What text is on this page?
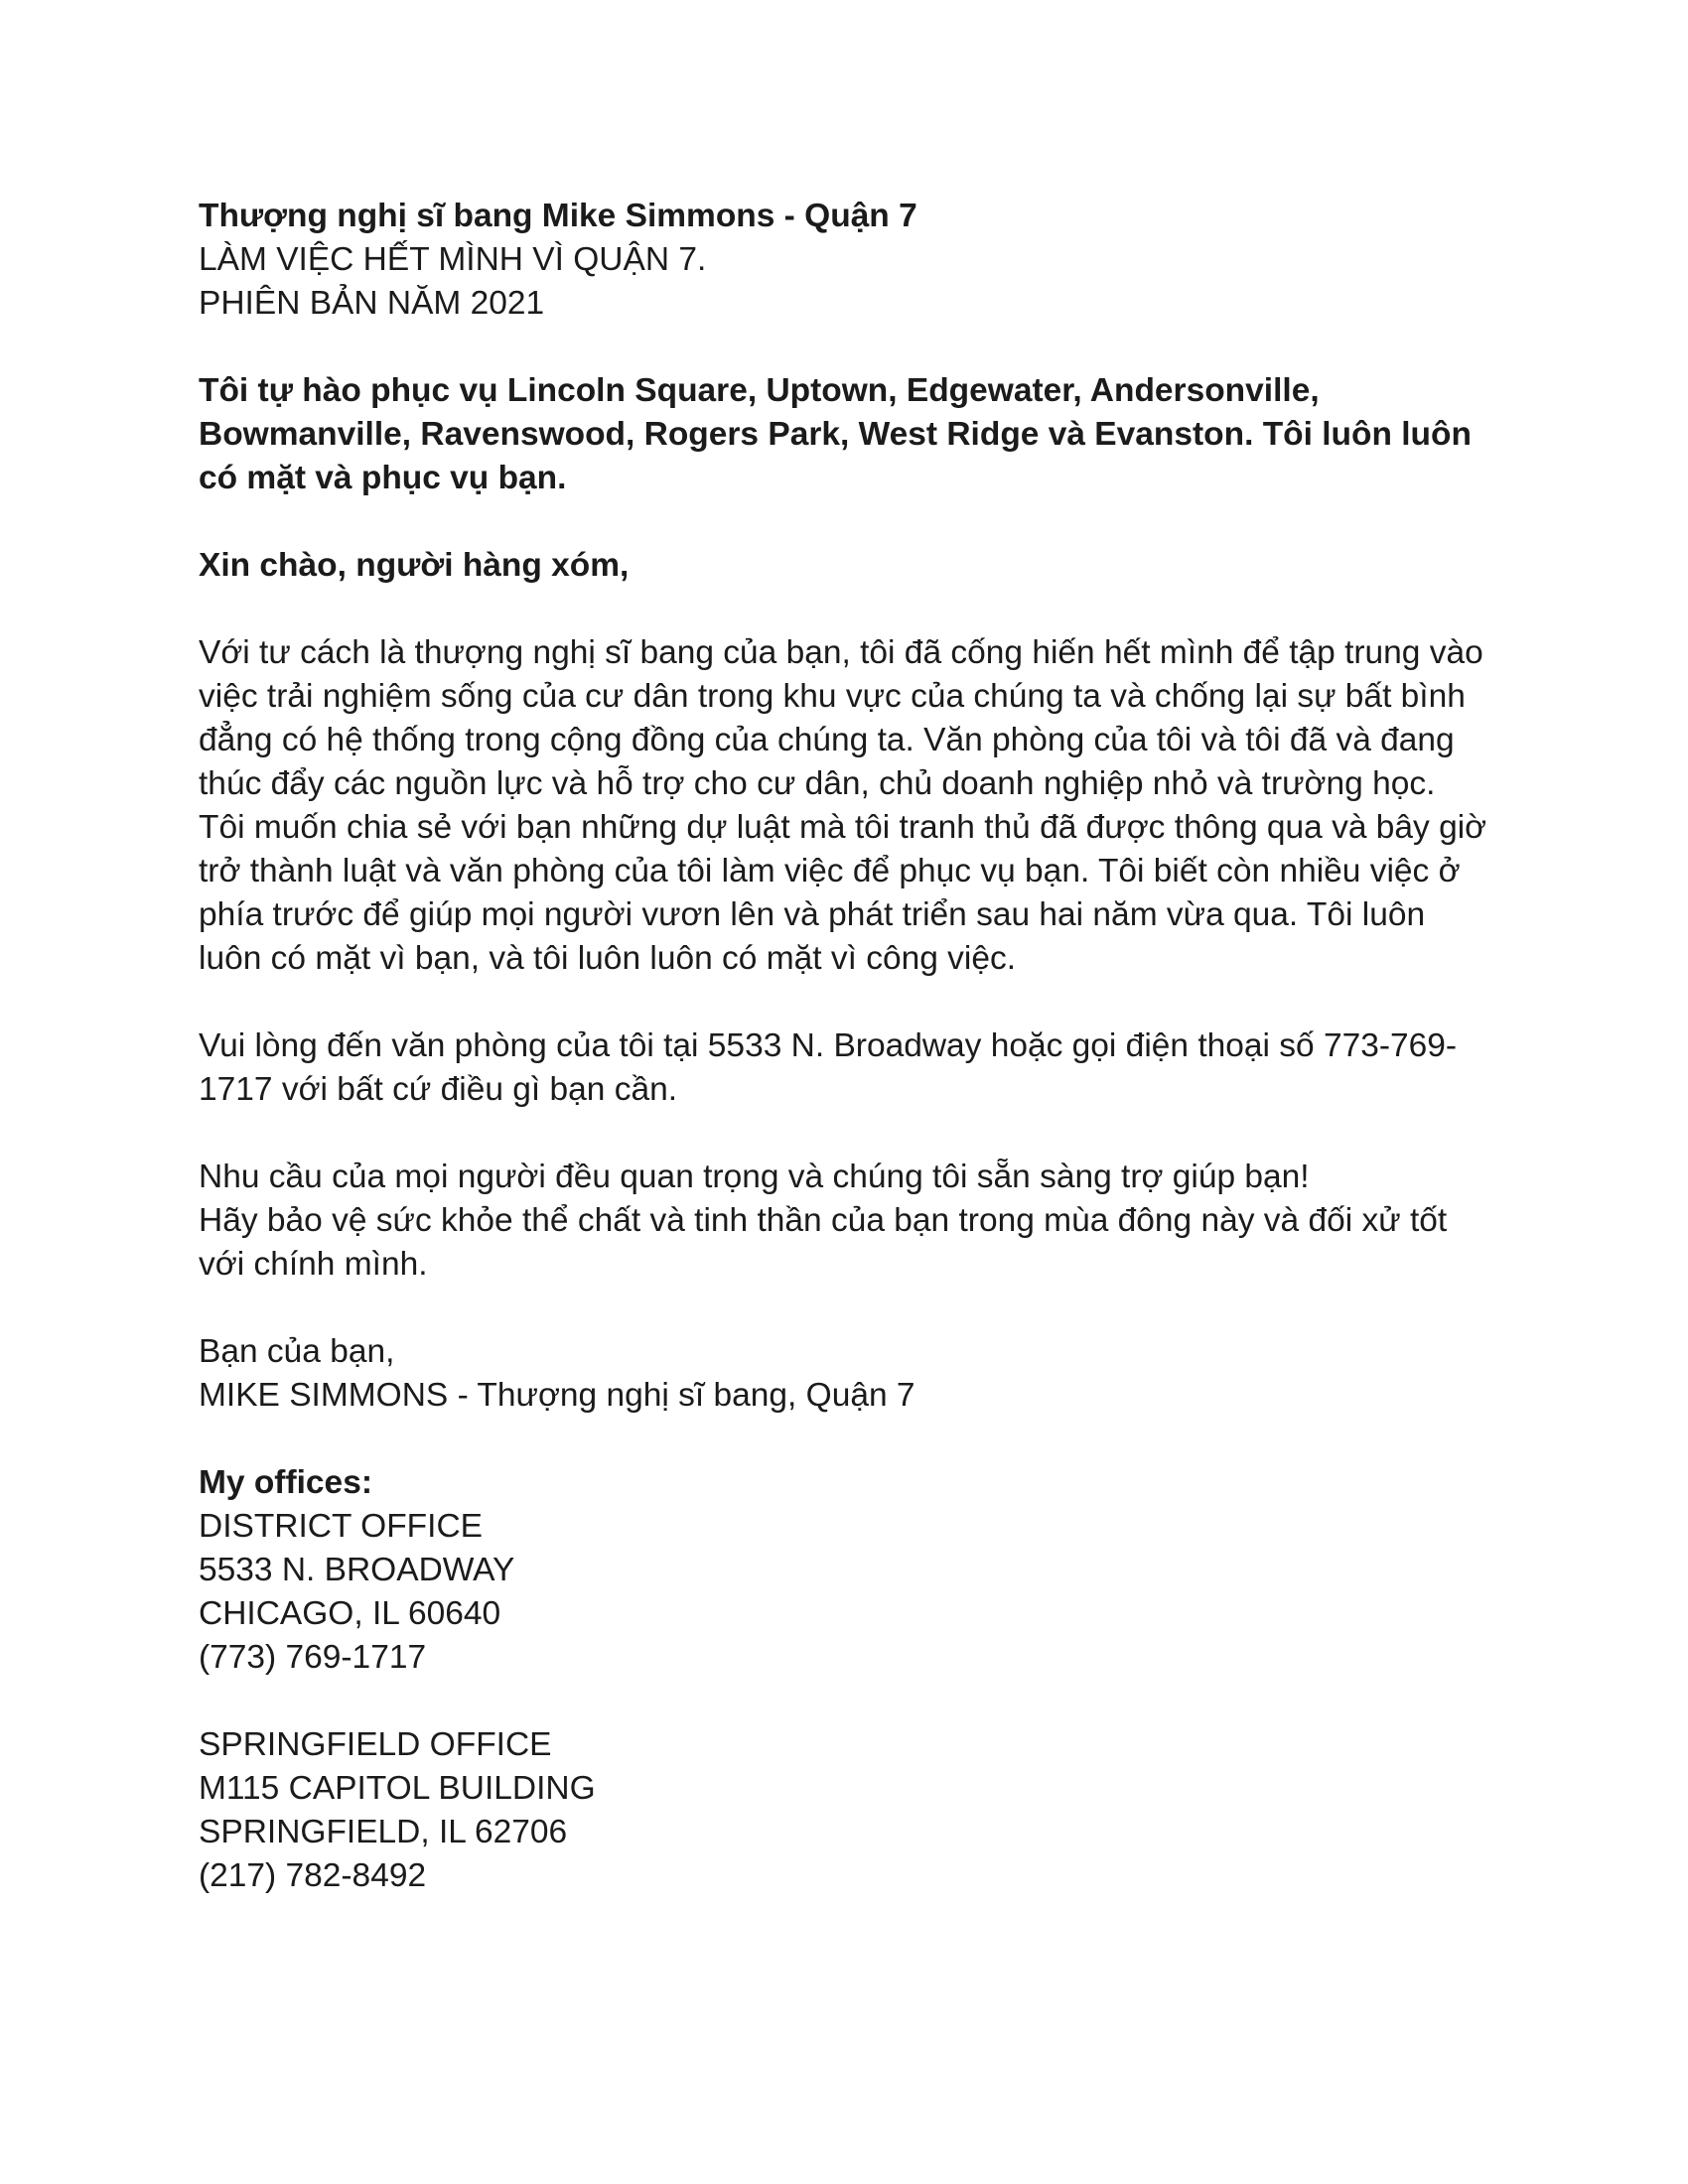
Thượng nghị sĩ bang Mike Simmons - Quận 7
LÀM VIỆC HẾT MÌNH VÌ QUẬN 7.
PHIÊN BẢN NĂM 2021

Tôi tự hào phục vụ Lincoln Square, Uptown, Edgewater, Andersonville, Bowmanville, Ravenswood, Rogers Park, West Ridge và Evanston. Tôi luôn luôn có mặt và phục vụ bạn.

Xin chào, người hàng xóm,

Với tư cách là thượng nghị sĩ bang của bạn, tôi đã cống hiến hết mình để tập trung vào việc trải nghiệm sống của cư dân trong khu vực của chúng ta và chống lại sự bất bình đẳng có hệ thống trong cộng đồng của chúng ta. Văn phòng của tôi và tôi đã và đang thúc đẩy các nguồn lực và hỗ trợ cho cư dân, chủ doanh nghiệp nhỏ và trường học. Tôi muốn chia sẻ với bạn những dự luật mà tôi tranh thủ đã được thông qua và bây giờ trở thành luật và văn phòng của tôi làm việc để phục vụ bạn. Tôi biết còn nhiều việc ở phía trước để giúp mọi người vươn lên và phát triển sau hai năm vừa qua. Tôi luôn luôn có mặt vì bạn, và tôi luôn luôn có mặt vì công việc.

Vui lòng đến văn phòng của tôi tại 5533 N. Broadway hoặc gọi điện thoại số 773-769-1717 với bất cứ điều gì bạn cần.

Nhu cầu của mọi người đều quan trọng và chúng tôi sẵn sàng trợ giúp bạn!
Hãy bảo vệ sức khỏe thể chất và tinh thần của bạn trong mùa đông này và đối xử tốt với chính mình.

Bạn của bạn,
MIKE SIMMONS - Thượng nghị sĩ bang, Quận 7

My offices:
DISTRICT OFFICE
5533 N. BROADWAY
CHICAGO, IL 60640
(773) 769-1717

SPRINGFIELD OFFICE
M115 CAPITOL BUILDING
SPRINGFIELD, IL 62706
(217) 782-8492
